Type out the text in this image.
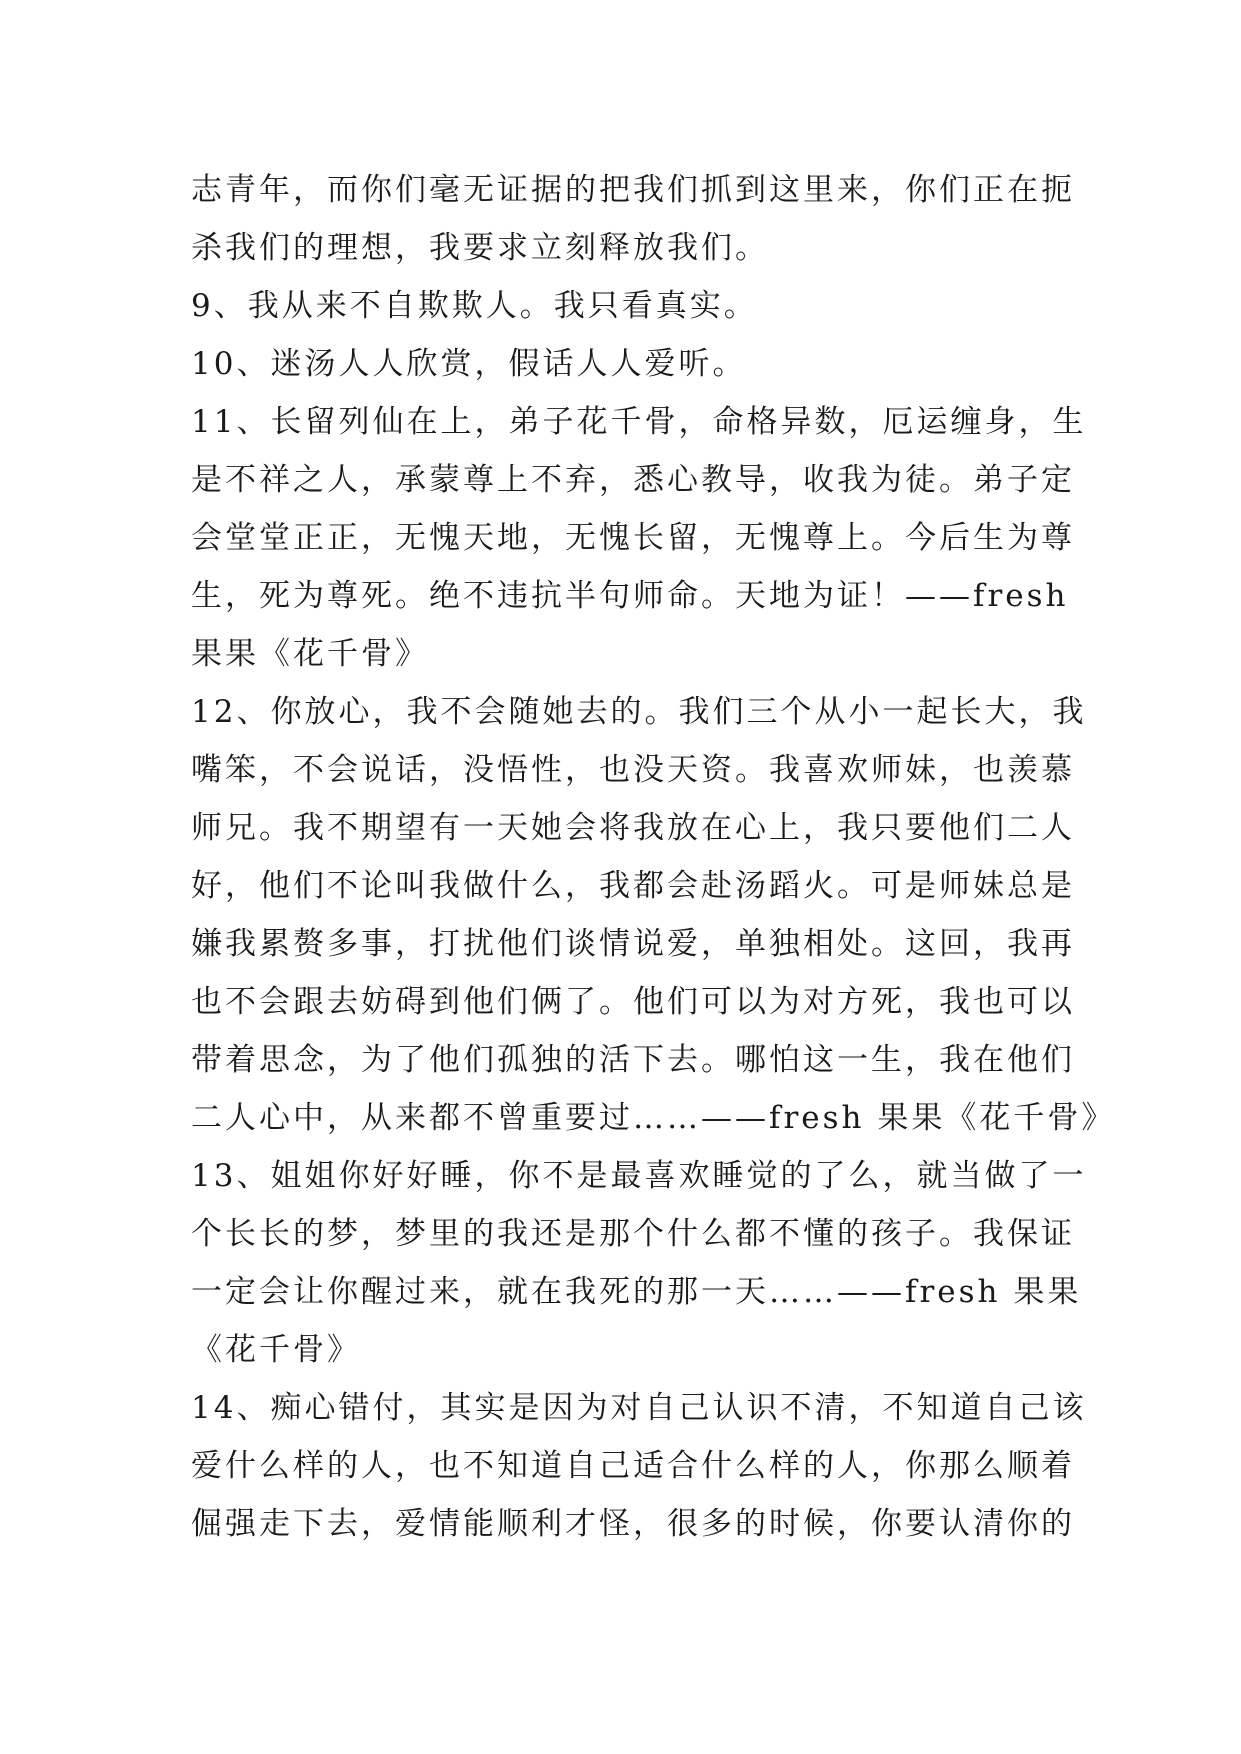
志青年，而你们毫无证据的把我们抓到这里来，你们正在扼
杀我们的理想，我要求立刻释放我们。
9、我从来不自欺欺人。我只看真实。
10、迷汤人人欣赏，假话人人爱听。
11、长留列仙在上，弟子花千骨，命格异数，厄运缠身，生
是不祥之人，承蒙尊上不弃，悉心教导，收我为徒。弟子定
会堂堂正正，无愧天地，无愧长留，无愧尊上。今后生为尊
生，死为尊死。绝不违抗半句师命。天地为证！——fresh
果果《花千骨》
12、你放心，我不会随她去的。我们三个从小一起长大，我
嘴笨，不会说话，没悟性，也没天资。我喜欢师妹，也羡慕
师兄。我不期望有一天她会将我放在心上，我只要他们二人
好，他们不论叫我做什么，我都会赴汤蹈火。可是师妹总是
嫌我累赘多事，打扰他们谈情说爱，单独相处。这回，我再
也不会跟去妨碍到他们俩了。他们可以为对方死，我也可以
带着思念，为了他们孤独的活下去。哪怕这一生，我在他们
二人心中，从来都不曾重要过……——fresh 果果《花千骨》
13、姐姐你好好睡，你不是最喜欢睡觉的了么，就当做了一
个长长的梦，梦里的我还是那个什么都不懂的孩子。我保证
一定会让你醒过来，就在我死的那一天……——fresh 果果
《花千骨》
14、痴心错付，其实是因为对自己认识不清，不知道自己该
爱什么样的人，也不知道自己适合什么样的人，你那么顺着
倔强走下去，爱情能顺利才怪，很多的时候，你要认清你的
